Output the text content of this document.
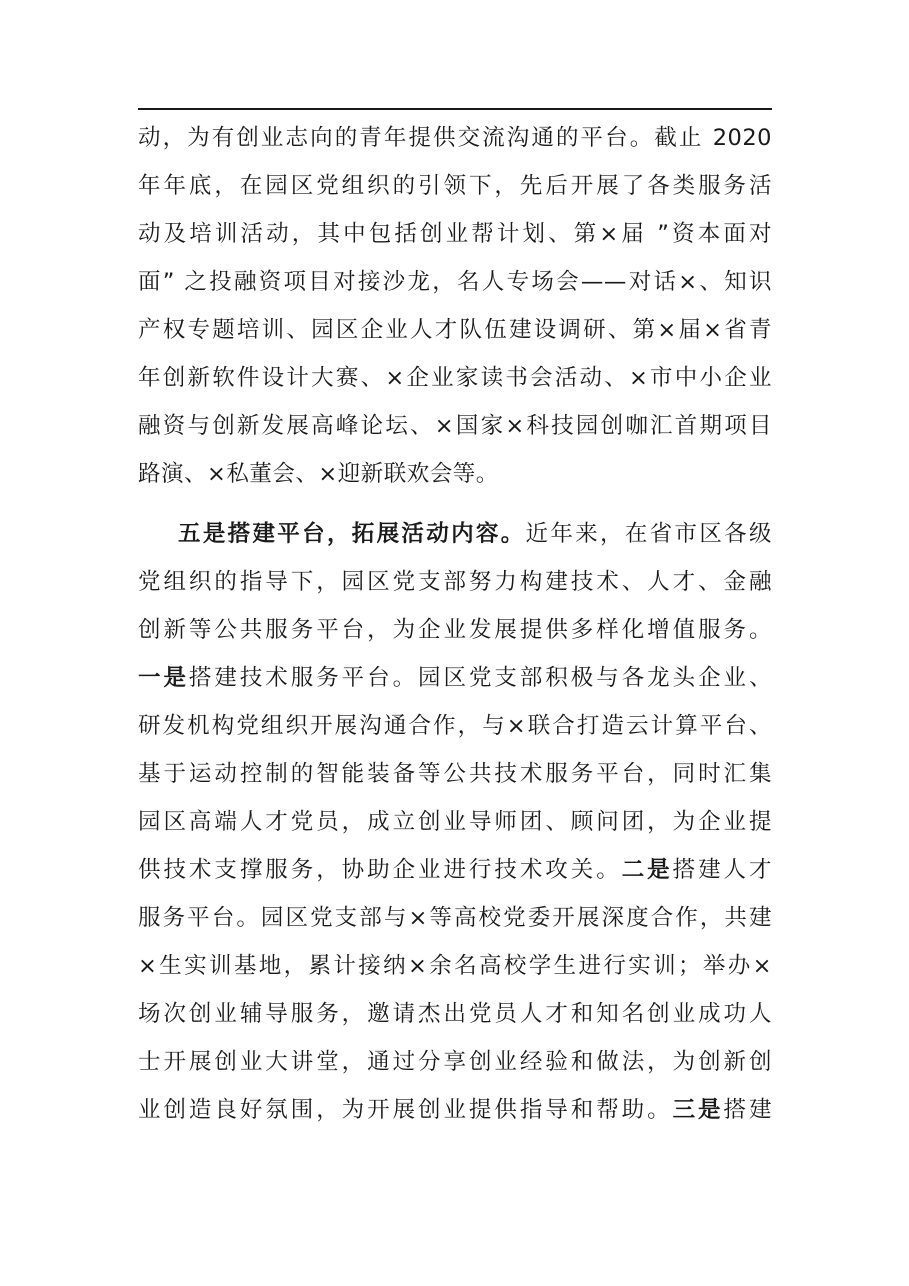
动，为有创业志向的青年提供交流沟通的平台。截止 2020
年年底，在园区党组织的引领下，先后开展了各类服务活
动及培训活动，其中包括创业帮计划、第×届 ”资本面对
面” 之投融资项目对接沙龙，名人专场会——对话×、知识
产权专题培训、园区企业人才队伍建设调研、第×届×省青
年创新软件设计大赛、×企业家读书会活动、×市中小企业
融资与创新发展高峰论坛、×国家×科技园创咖汇首期项目
路演、×私董会、×迎新联欢会等。
五是搭建平台，拓展活动内容。近年来，在省市区各级
党组织的指导下，园区党支部努力构建技术、人才、金融
创新等公共服务平台，为企业发展提供多样化增值服务。
一是搭建技术服务平台。园区党支部积极与各龙头企业、
研发机构党组织开展沟通合作，与×联合打造云计算平台、
基于运动控制的智能装备等公共技术服务平台，同时汇集
园区高端人才党员，成立创业导师团、顾问团，为企业提
供技术支撑服务，协助企业进行技术攻关。二是搭建人才
服务平台。园区党支部与×等高校党委开展深度合作，共建
×生实训基地，累计接纳×余名高校学生进行实训；举办×
场次创业辅导服务，邀请杰出党员人才和知名创业成功人
士开展创业大讲堂，通过分享创业经验和做法，为创新创
业创造良好氛围，为开展创业提供指导和帮助。三是搭建
